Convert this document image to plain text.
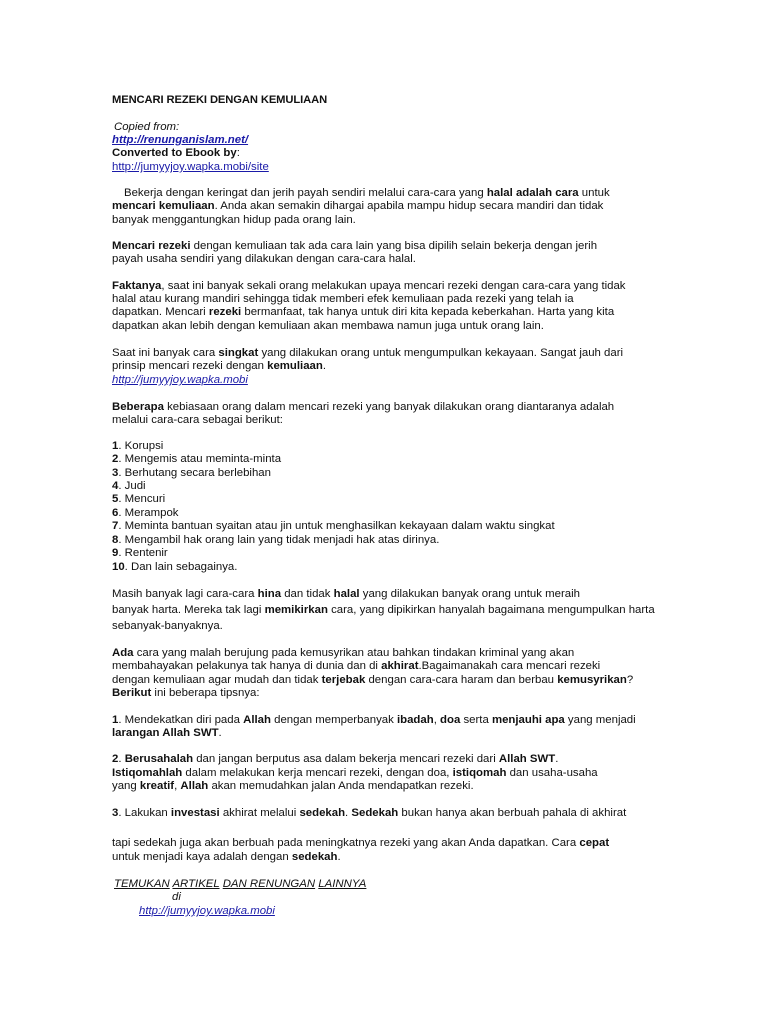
MENCARI REZEKI DENGAN KEMULIAAN
Copied from:
http://renunganislam.net/
Converted to Ebook by:
http://jumyyjoy.wapka.mobi/site
Bekerja dengan keringat dan jerih payah sendiri melalui cara-cara yang halal adalah cara untuk
mencari kemuliaan. Anda akan semakin dihargai apabila mampu hidup secara mandiri dan tidak
banyak menggantungkan hidup pada orang lain.
Mencari rezeki dengan kemuliaan tak ada cara lain yang bisa dipilih selain bekerja dengan jerih
payah usaha sendiri yang dilakukan dengan cara-cara halal.
Faktanya, saat ini banyak sekali orang melakukan upaya mencari rezeki dengan cara-cara yang tidak
halal atau kurang mandiri sehingga tidak memberi efek kemuliaan pada rezeki yang telah ia
dapatkan. Mencari rezeki bermanfaat, tak hanya untuk diri kita kepada keberkahan. Harta yang kita
dapatkan akan lebih dengan kemuliaan akan membawa namun juga untuk orang lain.
Saat ini banyak cara singkat yang dilakukan orang untuk mengumpulkan kekayaan. Sangat jauh dari
prinsip mencari rezeki dengan kemuliaan.
http://jumyyjoy.wapka.mobi
Beberapa kebiasaan orang dalam mencari rezeki yang banyak dilakukan orang diantaranya adalah
melalui cara-cara sebagai berikut:
1. Korupsi
2. Mengemis atau meminta-minta
3. Berhutang secara berlebihan
4. Judi
5. Mencuri
6. Merampok
7. Meminta bantuan syaitan atau jin untuk menghasilkan kekayaan dalam waktu singkat
8. Mengambil hak orang lain yang tidak menjadi hak atas dirinya.
9. Rentenir
10. Dan lain sebagainya.
Masih banyak lagi cara-cara hina dan tidak halal yang dilakukan banyak orang untuk meraih
banyak harta. Mereka tak lagi memikirkan cara, yang dipikirkan hanyalah bagaimana mengumpulkan harta
sebanyak-banyaknya.
Ada cara yang malah berujung pada kemusyrikan atau bahkan tindakan kriminal yang akan
membahayakan pelakunya tak hanya di dunia dan di akhirat.Bagaimanakah cara mencari rezeki
dengan kemuliaan agar mudah dan tidak terjebak dengan cara-cara haram dan berbau kemusyrikan?
Berikut ini beberapa tipsnya:
1. Mendekatkan diri pada Allah dengan memperbanyak ibadah, doa serta menjauhi apa yang menjadi
larangan Allah SWT.
2. Berusahalah dan jangan berputus asa dalam bekerja mencari rezeki dari Allah SWT.
Istiqomahlah dalam melakukan kerja mencari rezeki, dengan doa, istiqomah dan usaha-usaha
yang kreatif, Allah akan memudahkan jalan Anda mendapatkan rezeki.
3. Lakukan investasi akhirat melalui sedekah. Sedekah bukan hanya akan berbuah pahala di akhirat
tapi sedekah juga akan berbuah pada meningkatnya rezeki yang akan Anda dapatkan. Cara cepat
untuk menjadi kaya adalah dengan sedekah.
TEMUKAN ARTIKEL DAN RENUNGAN LAINNYA
di
http://jumyyjoy.wapka.mobi
